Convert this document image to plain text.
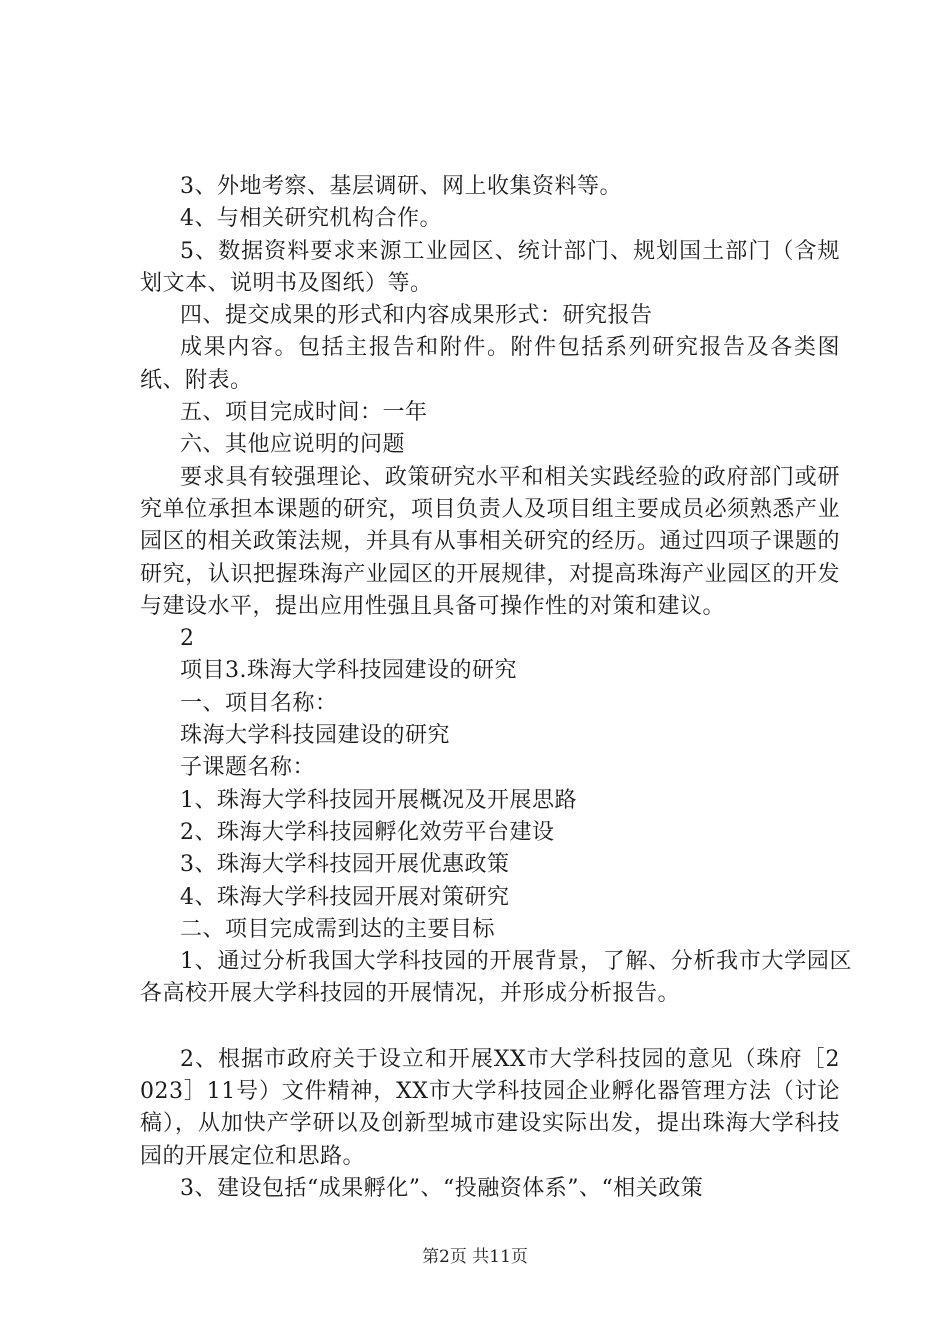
3、外地考察、基层调研、网上收集资料等。

4、与相关研究机构合作。

5、数据资料要求来源工业园区、统计部门、规划国土部门（含规划文本、说明书及图纸）等。

四、提交成果的形式和内容成果形式：研究报告

成果内容。包括主报告和附件。附件包括系列研究报告及各类图纸、附表。

五、项目完成时间：一年

六、其他应说明的问题

要求具有较强理论、政策研究水平和相关实践经验的政府部门或研究单位承担本课题的研究，项目负责人及项目组主要成员必须熟悉产业园区的相关政策法规，并具有从事相关研究的经历。通过四项子课题的研究，认识把握珠海产业园区的开展规律，对提高珠海产业园区的开发与建设水平，提出应用性强且具备可操作性的对策和建议。

2

项目3.珠海大学科技园建设的研究

一、项目名称：

珠海大学科技园建设的研究

子课题名称：

1、珠海大学科技园开展概况及开展思路

2、珠海大学科技园孵化效劳平台建设

3、珠海大学科技园开展优惠政策

4、珠海大学科技园开展对策研究

二、项目完成需到达的主要目标

1、通过分析我国大学科技园的开展背景，了解、分析我市大学园区各高校开展大学科技园的开展情况，并形成分析报告。

2、根据市政府关于设立和开展XX市大学科技园的意见（珠府［2023］11号）文件精神，XX市大学科技园企业孵化器管理方法（讨论稿），从加快产学研以及创新型城市建设实际出发，提出珠海大学科技园的开展定位和思路。

3、建设包括“成果孵化”、“投融资体系”、“相关政策

第2页 共11页
